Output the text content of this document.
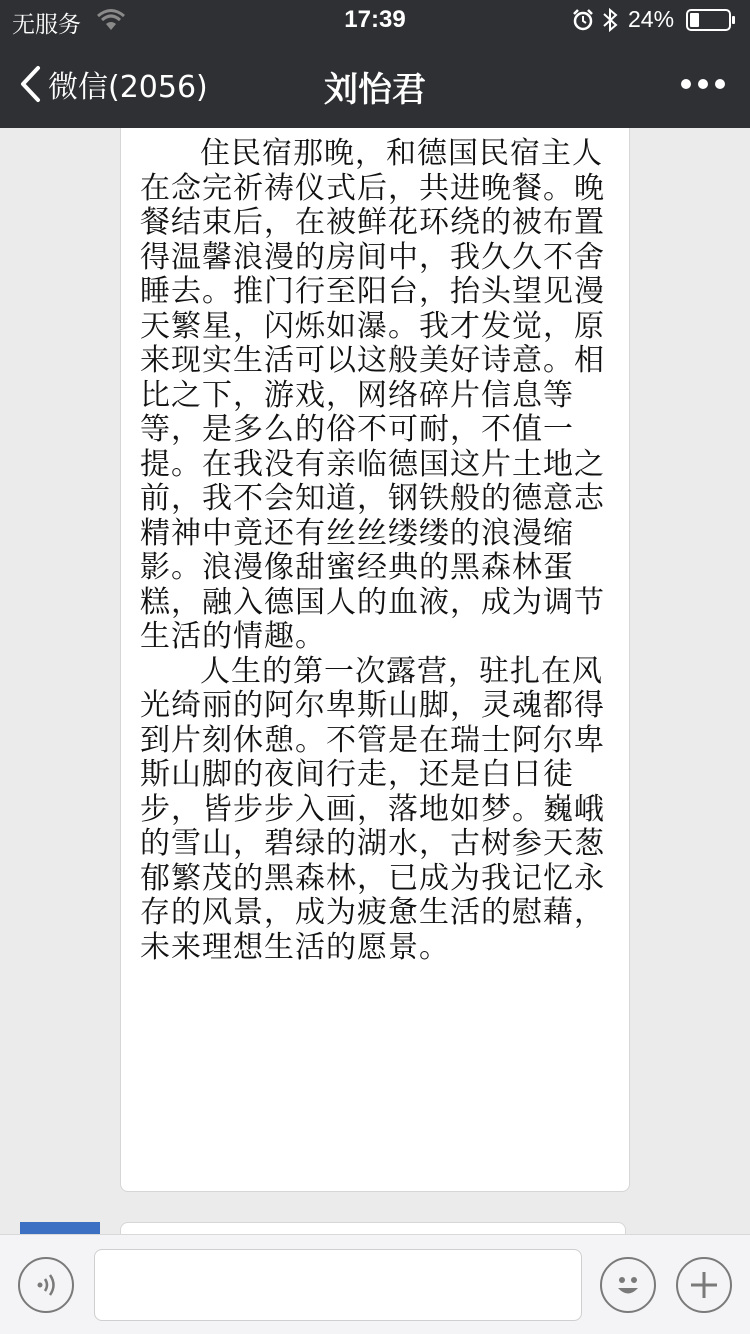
无服务	17:39	24%
微信(2056)	刘怡君

住民宿那晚，和德国民宿主人在念完祈祷仪式后，共进晚餐。晚餐结束后，在被鲜花环绕的被布置得温馨浪漫的房间中，我久久不舍睡去。推门行至阳台，抬头望见漫天繁星，闪烁如瀑。我才发觉，原来现实生活可以这般美好诗意。相比之下，游戏，网络碎片信息等等，是多么的俗不可耐，不值一提。在我没有亲临德国这片土地之前，我不会知道，钢铁般的德意志精神中竟还有丝丝缕缕的浪漫缩影。浪漫像甜蜜经典的黑森林蛋糕，融入德国人的血液，成为调节生活的情趣。

人生的第一次露营，驻扎在风光绮丽的阿尔卑斯山脚，灵魂都得到片刻休憩。不管是在瑞士阿尔卑斯山脚的夜间行走，还是白日徒步，皆步步入画，落地如梦。巍峨的雪山，碧绿的湖水，古树参天葱郁繁茂的黑森林，已成为我记忆永存的风景，成为疲惫生活的慰藉，未来理想生活的愿景。
